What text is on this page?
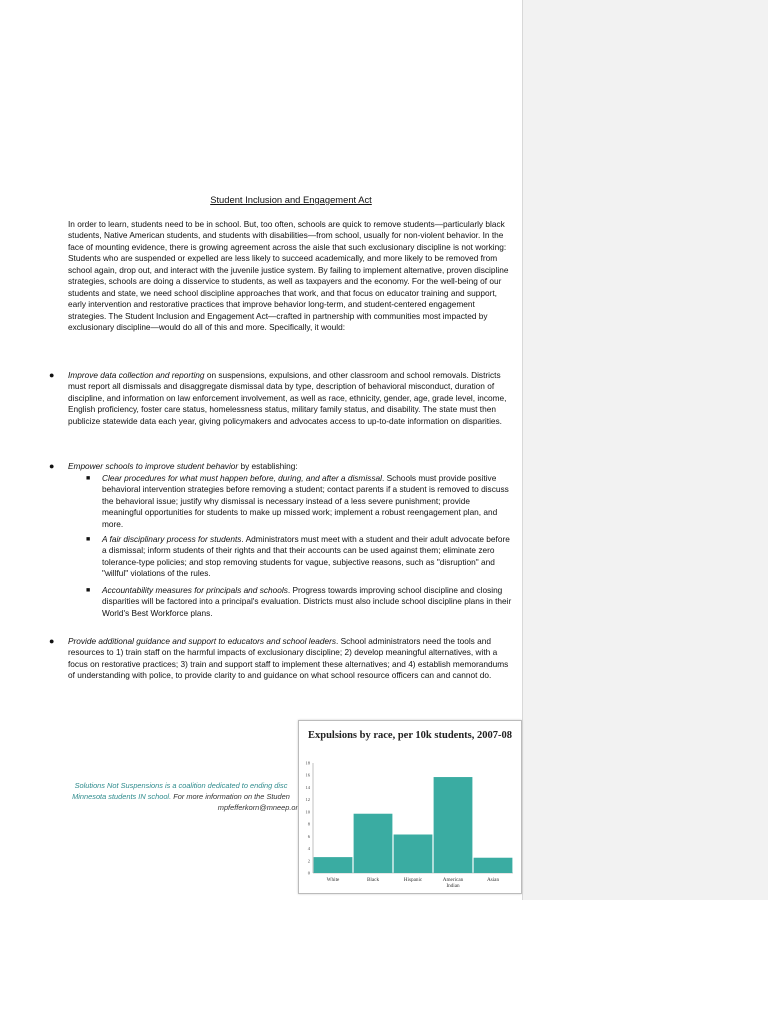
Student Inclusion and Engagement Act

In order to learn, students need to be in school. But, too often, schools are quick to remove students—particularly black students, Native American students, and students with disabilities—from school, usually for non-violent behavior. In the face of mounting evidence, there is growing agreement across the aisle that such exclusionary discipline is not working: Students who are suspended or expelled are less likely to succeed academically, and more likely to be removed from school again, drop out, and interact with the juvenile justice system. By failing to implement alternative, proven discipline strategies, schools are doing a disservice to students, as well as taxpayers and the economy. For the well-being of our students and state, we need school discipline approaches that work, and that focus on educator training and support, early intervention and restorative practices that improve behavior long-term, and student-centered engagement strategies. The Student Inclusion and Engagement Act—crafted in partnership with communities most impacted by exclusionary discipline—would do all of this and more. Specifically, it would:

● Improve data collection and reporting on suspensions, expulsions, and other classroom and school removals. Districts must report all dismissals and disaggregate dismissal data by type, description of behavioral misconduct, duration of discipline, and information on law enforcement involvement, as well as race, ethnicity, gender, age, grade level, income, English proficiency, foster care status, homelessness status, military family status, and disability. The state must then publicize statewide data each year, giving policymakers and advocates access to up-to-date information on disparities.

● Empower schools to improve student behavior by establishing:

■ Clear procedures for what must happen before, during, and after a dismissal. Schools must provide positive behavioral intervention strategies before removing a student; contact parents if a student is removed to discuss the behavioral issue; justify why dismissal is necessary instead of a less severe punishment; provide meaningful opportunities for students to make up missed work; implement a robust reengagement plan, and more.

■ A fair disciplinary process for students. Administrators must meet with a student and their adult advocate before a dismissal; inform students of their rights and that their accounts can be used against them; eliminate zero tolerance-type policies; and stop removing students for vague, subjective reasons, such as "disruption" and "willful" violations of the rules.

■ Accountability measures for principals and schools. Progress towards improving school discipline and closing disparities will be factored into a principal's evaluation. Districts must also include school discipline plans in their World's Best Workforce plans.

● Provide additional guidance and support to educators and school leaders. School administrators need the tools and resources to 1) train staff on the harmful impacts of exclusionary discipline; 2) develop meaningful alternatives, with a focus on restorative practices; 3) train and support staff to implement these alternatives; and 4) establish memorandums of understanding with police, to provide clarity to and guidance on what school resource officers can and cannot do.

Solutions Not Suspensions is a coalition dedicated to ending disc
Minnesota students IN school. For more information on the Studen
mpfefferkorn@mneep.or
Expulsions by race, per 10k students, 2007-08
0
2
4
6
8
10
12
14
16
18
White	Black	Hispanic	American Indian
Asian
